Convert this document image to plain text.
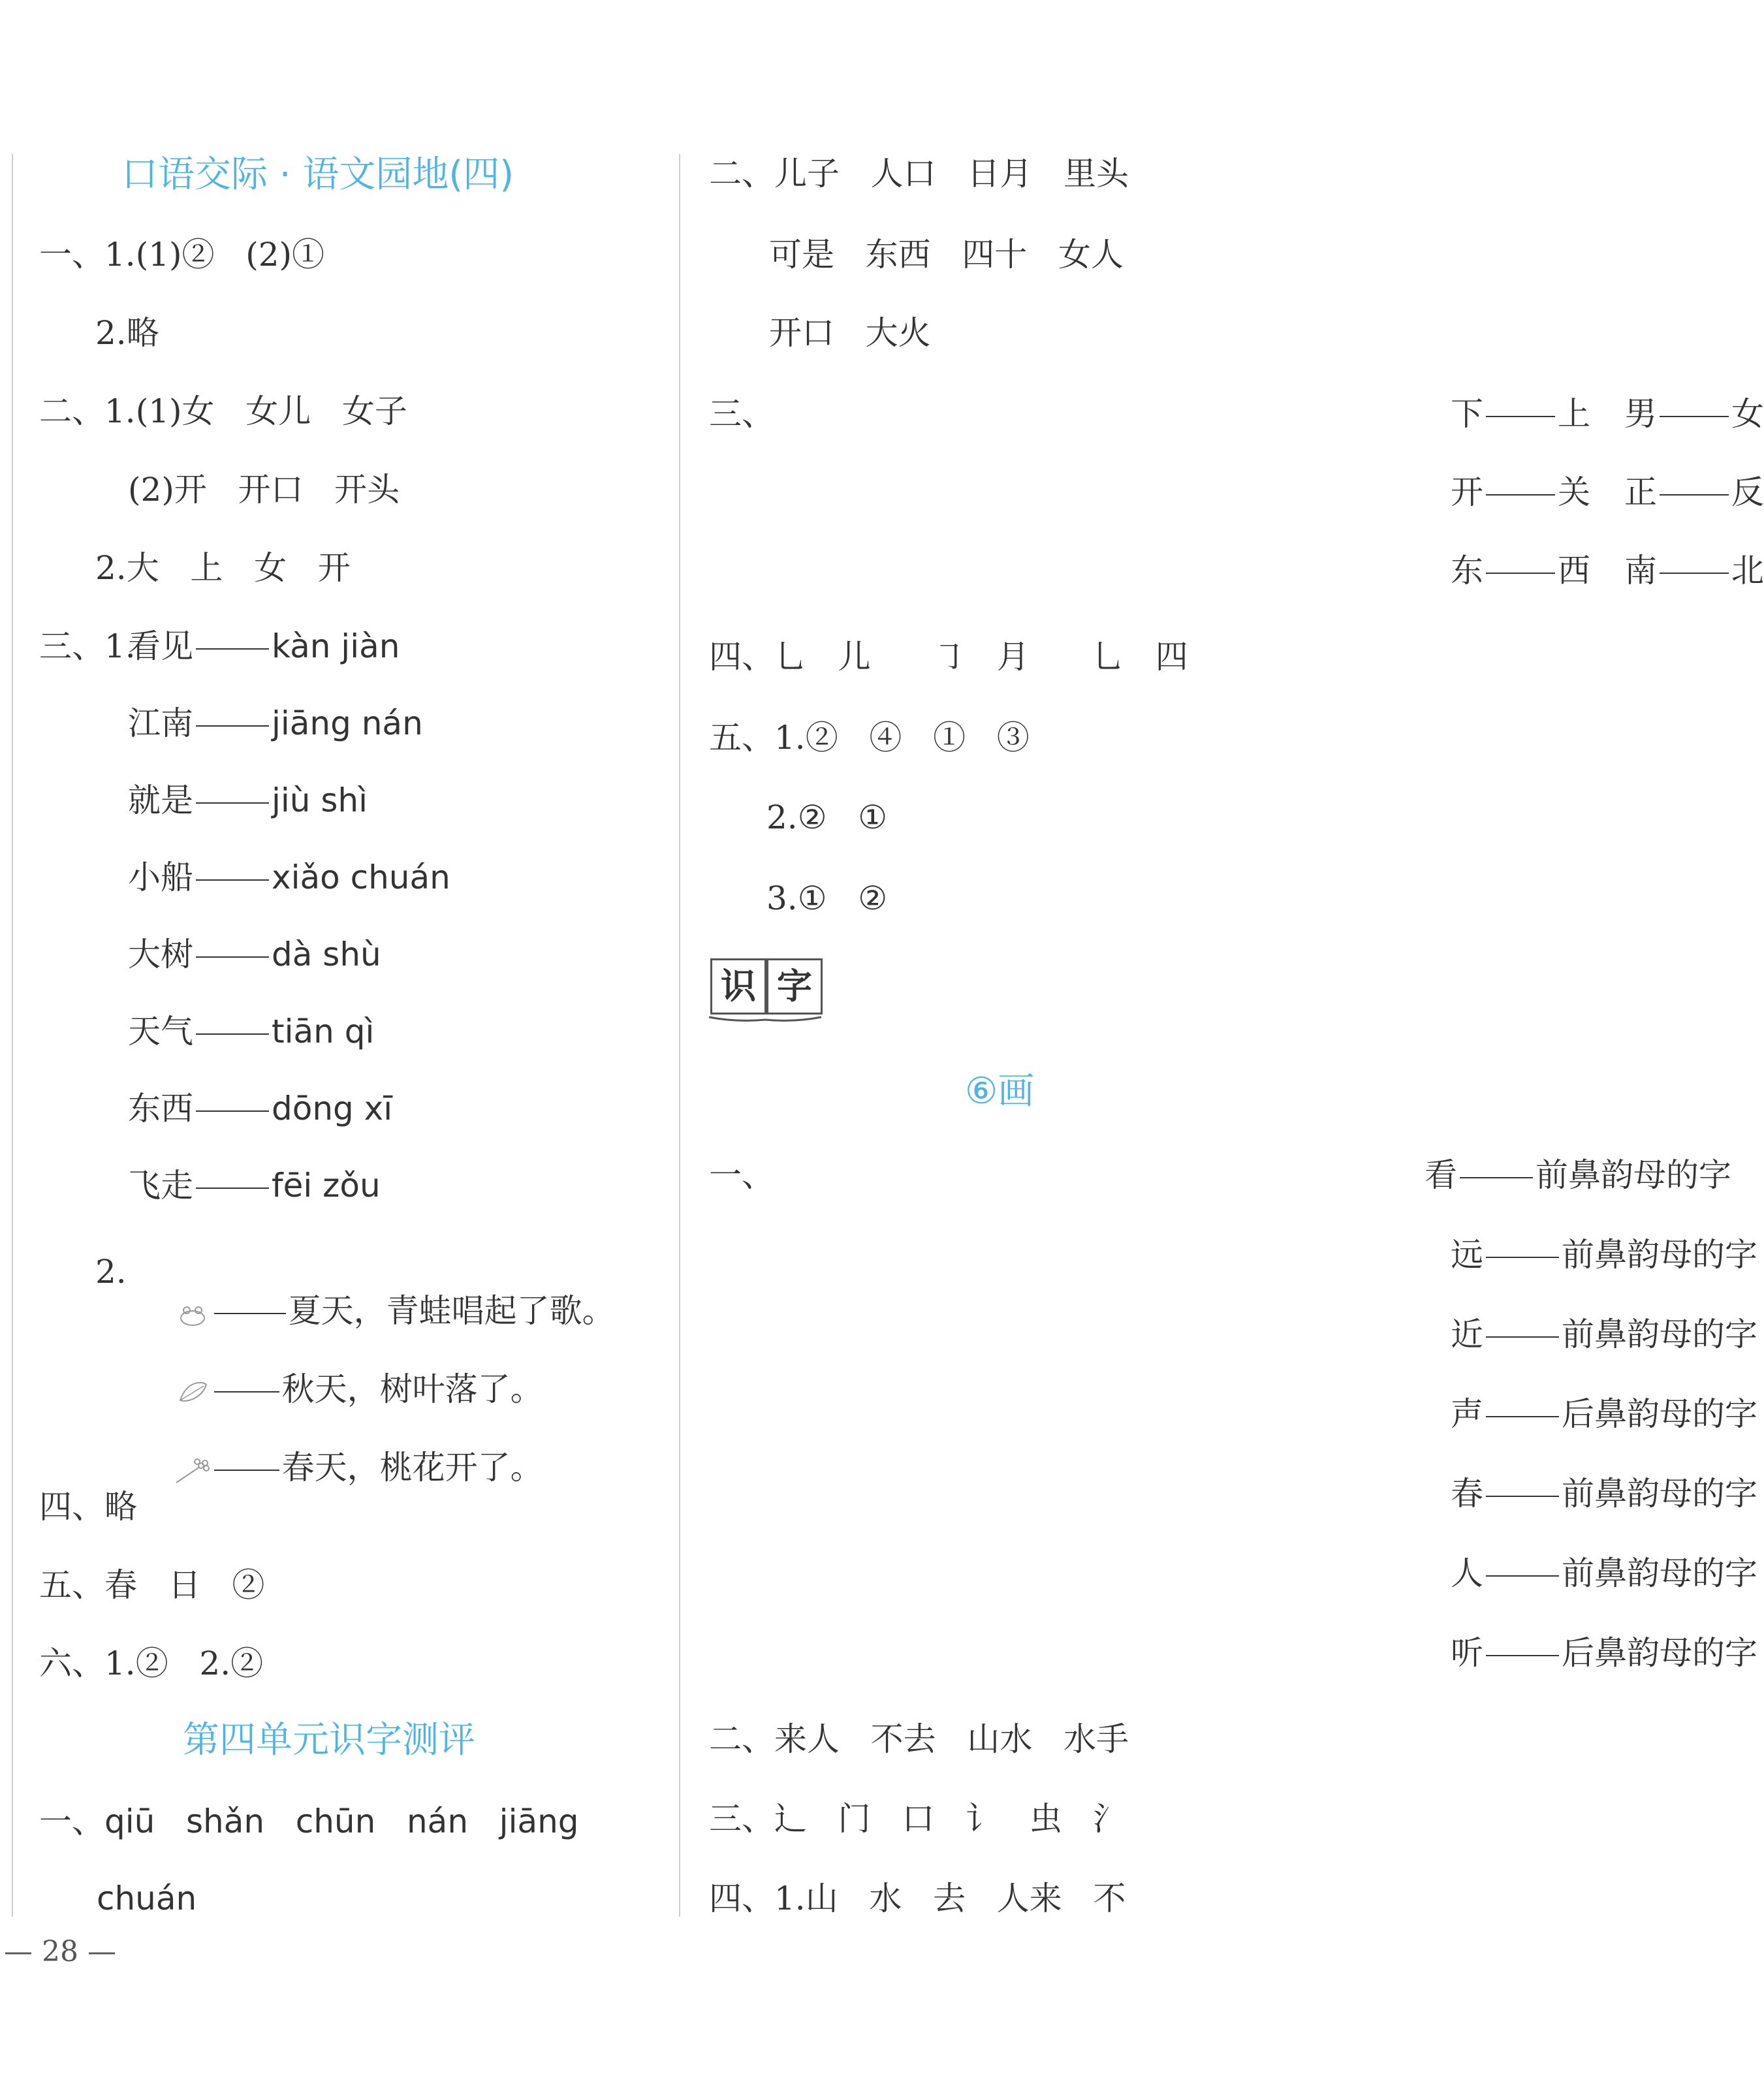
口语交际 · 语文园地(四)
一、1.(1)②   (2)①
2.略
二、1.(1)女   女儿   女子
(2)开   开口   开头
2.大   上   女   开
三、1.
看见 kàn jiàn
江南 jiāng nán
就是 jiù shì
小船 xiǎo chuán
大树 dà shù
天气 tiān qì
东西 dōng xī
飞走 fēi zǒu
2.

夏天，青蛙唱起了歌。

秋天，树叶落了。

春天，桃花开了。

四、略
五、春   日   ②
六、1.②   2.②
第四单元识字测评
一、qiū   shǎn   chūn   nán   jiāng
chuán
二、儿子   人口   日月   里头
可是   东西   四十   女人
开口   大火
三、	下 上 男 女
开 关 正 反
东 西 南 北
四、乚   儿      ㇆   月      乚   四
五、1.②   ④   ①   ③
2.②   ①
3.①   ②
⑥画
一、	看 前鼻韵母的字
远 前鼻韵母的字
近 前鼻韵母的字
声 后鼻韵母的字
春 前鼻韵母的字
人 前鼻韵母的字
听 后鼻韵母的字
二、来人   不去   山水   水手
三、辶   门   口   讠   虫   氵
四、1.山   水   去   人来   不
识 字
— 28 —
